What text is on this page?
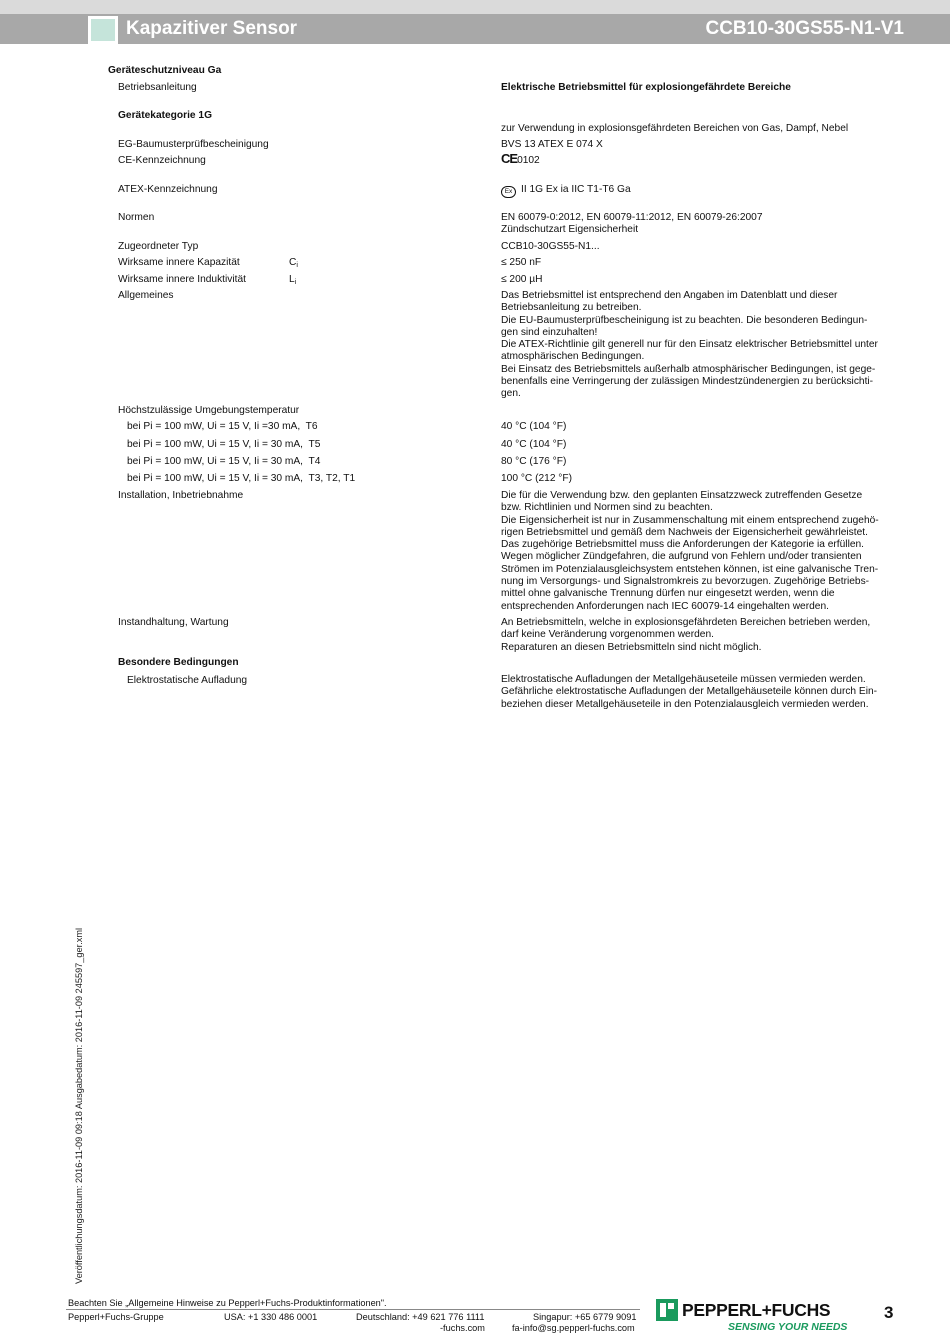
Kapazitiver Sensor	CCB10-30GS55-N1-V1
Geräteschutzniveau Ga
Betriebsanleitung	Elektrische Betriebsmittel für explosiongefährdete Bereiche
Gerätekategorie 1G
zur Verwendung in explosionsgefährdeten Bereichen von Gas, Dampf, Nebel
EG-Baumusterprüfbescheinigung	BVS 13 ATEX E 074 X
CE-Kennzeichnung	CE0102
ATEX-Kennzeichnung	Ex II 1G Ex ia IIC T1-T6 Ga
Normen	EN 60079-0:2012, EN 60079-11:2012, EN 60079-26:2007
Zündschutzart Eigensicherheit
Zugeordneter Typ	CCB10-30GS55-N1...
Wirksame innere Kapazität	$C_i$	≤ 250 nF
Wirksame innere Induktivität	$L_i$	≤ 200 µH
Allgemeines	Das Betriebsmittel ist entsprechend den Angaben im Datenblatt und dieser
Betriebsanleitung zu betreiben.
Die EU-Baumusterprüfbescheinigung ist zu beachten. Die besonderen Bedingun-
gen sind einzuhalten!
Die ATEX-Richtlinie gilt generell nur für den Einsatz elektrischer Betriebsmittel unter
atmosphärischen Bedingungen.
Bei Einsatz des Betriebsmittels außerhalb atmosphärischer Bedingungen, ist gege-
benenfalls eine Verringerung der zulässigen Mindestzündenergien zu berücksichti-
gen.
Höchstzulässige Umgebungstemperatur
bei Pi = 100 mW, Ui = 15 V, Ii =30 mA,  T6	40 °C (104 °F)
bei Pi = 100 mW, Ui = 15 V, Ii = 30 mA,  T5	40 °C (104 °F)
bei Pi = 100 mW, Ui = 15 V, Ii = 30 mA,  T4	80 °C (176 °F)
bei Pi = 100 mW, Ui = 15 V, Ii = 30 mA,  T3, T2, T1	100 °C (212 °F)
Installation, Inbetriebnahme	Die für die Verwendung bzw. den geplanten Einsatzzweck zutreffenden Gesetze
bzw. Richtlinien und Normen sind zu beachten.
Die Eigensicherheit ist nur in Zusammenschaltung mit einem entsprechend zugehö-
rigen Betriebsmittel und gemäß dem Nachweis der Eigensicherheit gewährleistet.
Das zugehörige Betriebsmittel muss die Anforderungen der Kategorie ia erfüllen.
Wegen möglicher Zündgefahren, die aufgrund von Fehlern und/oder transienten
Strömen im Potenzialausgleichsystem entstehen können, ist eine galvanische Tren-
nung im Versorgungs- und Signalstromkreis zu bevorzugen. Zugehörige Betriebs-
mittel ohne galvanische Trennung dürfen nur eingesetzt werden, wenn die
entsprechenden Anforderungen nach IEC 60079-14 eingehalten werden.
Instandhaltung, Wartung	An Betriebsmitteln, welche in explosionsgefährdeten Bereichen betrieben werden,
darf keine Veränderung vorgenommen werden.
Reparaturen an diesen Betriebsmitteln sind nicht möglich.
Besondere Bedingungen
Elektrostatische Aufladung	Elektrostatische Aufladungen der Metallgehäuseteile müssen vermieden werden.
Gefährliche elektrostatische Aufladungen der Metallgehäuseteile können durch Ein-
beziehen dieser Metallgehäuseteile in den Potenzialausgleich vermieden werden.
Veröffentlichungsdatum: 2016-11-09 09:18 Ausgabedatum: 2016-11-09 245597_ger.xml
Beachten Sie „Allgemeine Hinweise zu Pepperl+Fuchs-Produktinformationen".
Pepperl+Fuchs-Gruppe	USA: +1 330 486 0001	Deutschland: +49 621 776 1111
-fuchs.com
Singapur: +65 6779 9091
fa-info@sg.pepperl-fuchs.com
PEPPERL+FUCHS
SENSING YOUR NEEDS
3
